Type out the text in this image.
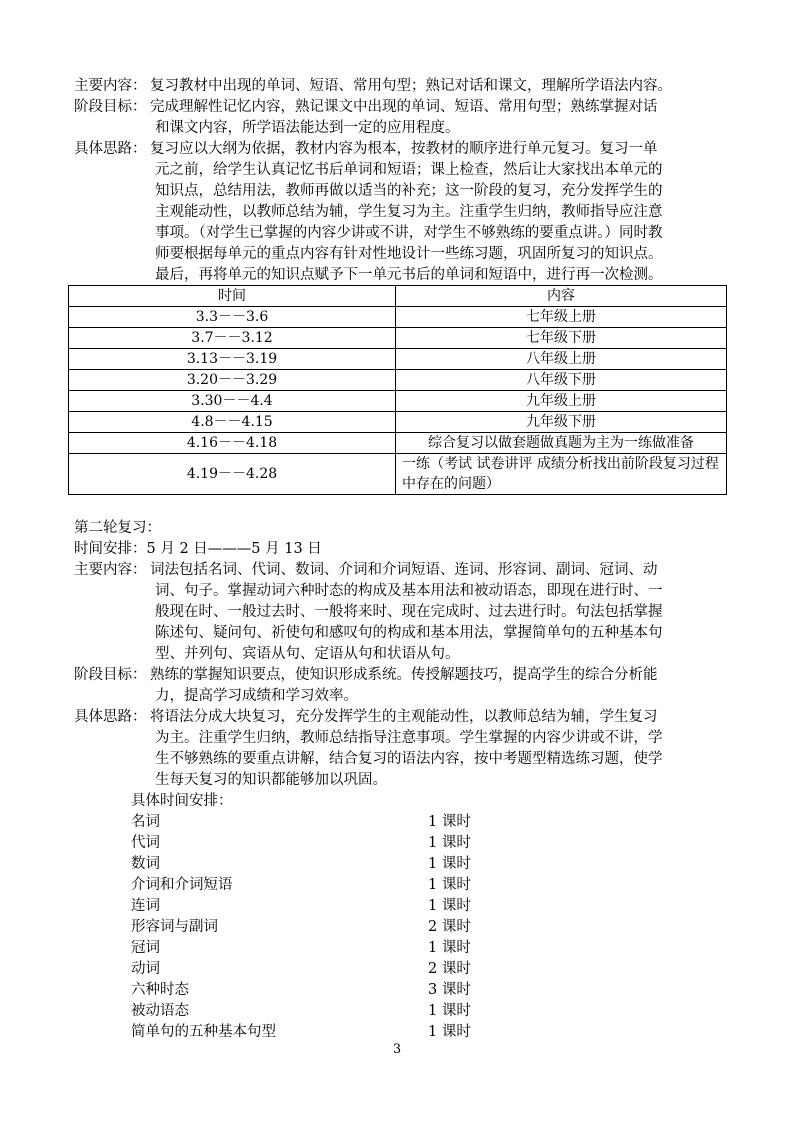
主要内容： 复习教材中出现的单词、短语、常用句型；熟记对话和课文，理解所学语法内容。
阶段目标： 完成理解性记忆内容，熟记课文中出现的单词、短语、常用句型；熟练掌握对话
和课文内容，所学语法能达到一定的应用程度。
具体思路： 复习应以大纲为依据，教材内容为根本，按教材的顺序进行单元复习。复习一单
元之前，给学生认真记忆书后单词和短语；课上检查，然后让大家找出本单元的
知识点，总结用法，教师再做以适当的补充；这一阶段的复习，充分发挥学生的
主观能动性，以教师总结为辅，学生复习为主。注重学生归纳，教师指导应注意
事项。（对学生已掌握的内容少讲或不讲，对学生不够熟练的要重点讲。）同时教
师要根据每单元的重点内容有针对性地设计一些练习题，巩固所复习的知识点。
最后，再将单元的知识点赋予下一单元书后的单词和短语中，进行再一次检测。
时间	内容
3.3－－3.6	七年级上册
3.7－－3.12	七年级下册
3.13－－3.19	八年级上册
3.20－－3.29	八年级下册
3.30－－4.4	九年级上册
4.8－－4.15	九年级下册
4.16－－4.18	综合复习以做套题做真题为主为一练做准备
4.19－－4.28	一练（考试 试卷讲评 成绩分析找出前阶段复习过程中存在的问题）
第二轮复习：
时间安排：5 月 2 日———5 月 13 日
主要内容： 词法包括名词、代词、数词、介词和介词短语、连词、形容词、副词、冠词、动
词、句子。掌握动词六种时态的构成及基本用法和被动语态，即现在进行时、一
般现在时、一般过去时、一般将来时、现在完成时、过去进行时。句法包括掌握
陈述句、疑问句、祈使句和感叹句的构成和基本用法，掌握简单句的五种基本句
型、并列句、宾语从句、定语从句和状语从句。
阶段目标： 熟练的掌握知识要点，使知识形成系统。传授解题技巧，提高学生的综合分析能
力，提高学习成绩和学习效率。
具体思路： 将语法分成大块复习，充分发挥学生的主观能动性，以教师总结为辅，学生复习
为主。注重学生归纳，教师总结指导注意事项。学生掌握的内容少讲或不讲，学
生不够熟练的要重点讲解，结合复习的语法内容，按中考题型精选练习题，使学
生每天复习的知识都能够加以巩固。
具体时间安排：
名词	1 课时
代词	1 课时
数词	1 课时
介词和介词短语	1 课时
连词	1 课时
形容词与副词	2 课时
冠词	1 课时
动词	2 课时
六种时态	3 课时
被动语态	1 课时
简单句的五种基本句型	1 课时
3
